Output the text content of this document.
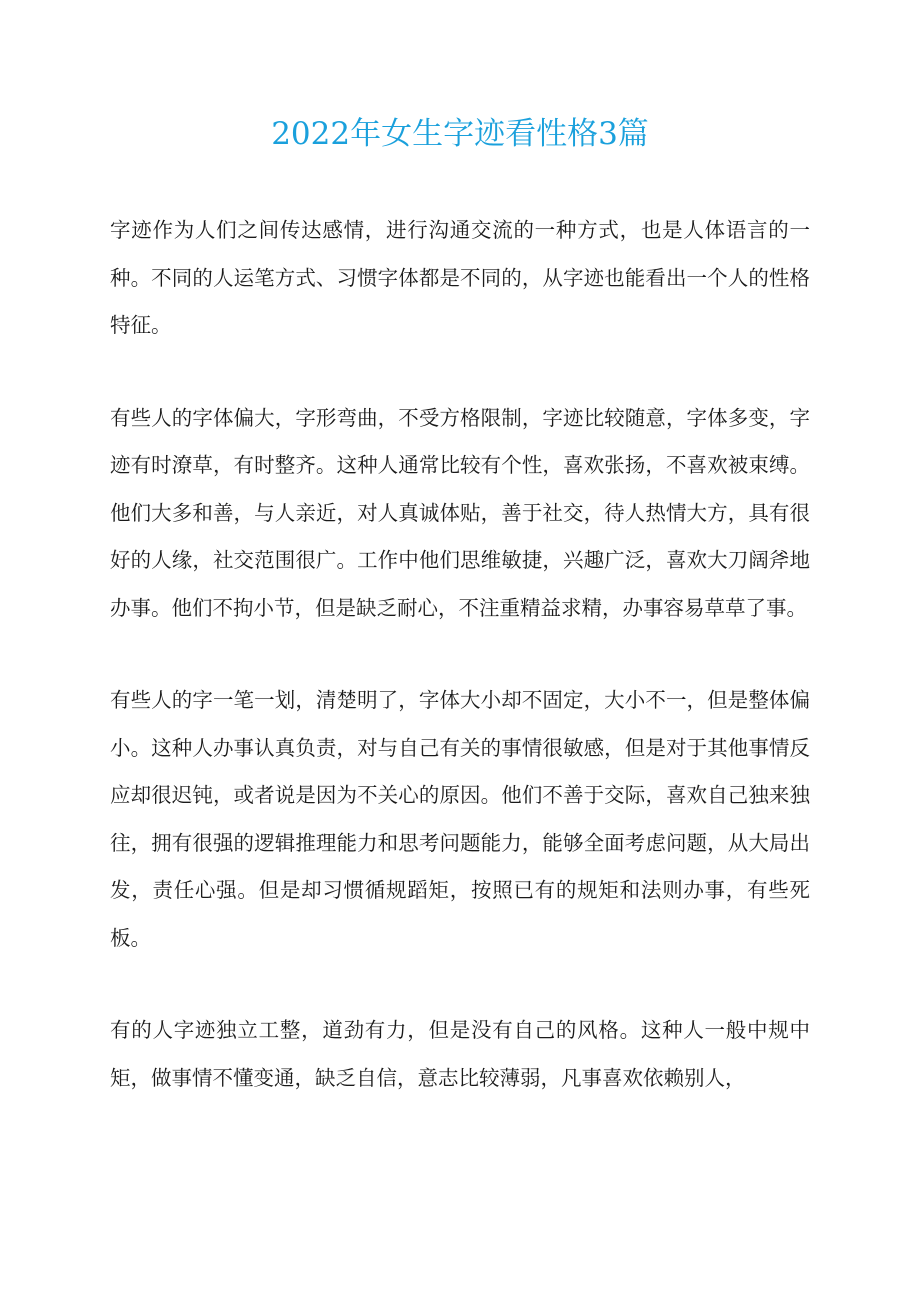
2022年女生字迹看性格3篇

字迹作为人们之间传达感情，进行沟通交流的一种方式，也是人体语言的一种。不同的人运笔方式、习惯字体都是不同的，从字迹也能看出一个人的性格特征。

有些人的字体偏大，字形弯曲，不受方格限制，字迹比较随意，字体多变，字迹有时潦草，有时整齐。这种人通常比较有个性，喜欢张扬，不喜欢被束缚。他们大多和善，与人亲近，对人真诚体贴，善于社交，待人热情大方，具有很好的人缘，社交范围很广。工作中他们思维敏捷，兴趣广泛，喜欢大刀阔斧地办事。他们不拘小节，但是缺乏耐心，不注重精益求精，办事容易草草了事。

有些人的字一笔一划，清楚明了，字体大小却不固定，大小不一，但是整体偏小。这种人办事认真负责，对与自己有关的事情很敏感，但是对于其他事情反应却很迟钝，或者说是因为不关心的原因。他们不善于交际，喜欢自己独来独往，拥有很强的逻辑推理能力和思考问题能力，能够全面考虑问题，从大局出发，责任心强。但是却习惯循规蹈矩，按照已有的规矩和法则办事，有些死板。

有的人字迹独立工整，道劲有力，但是没有自己的风格。这种人一般中规中矩，做事情不懂变通，缺乏自信，意志比较薄弱，凡事喜欢依赖别人，
